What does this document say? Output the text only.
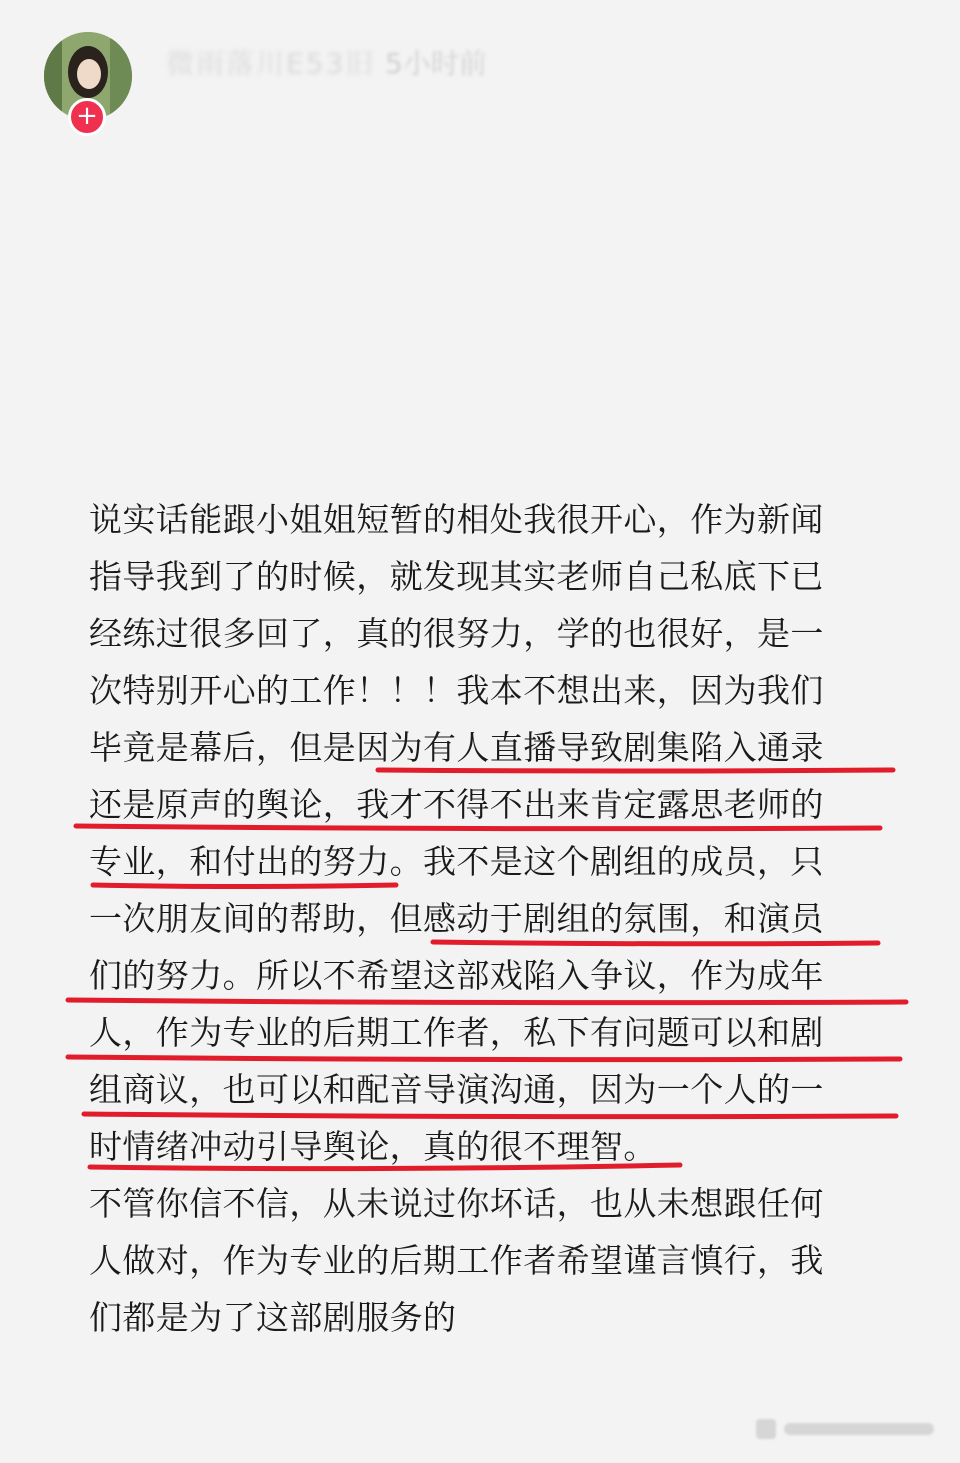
+
微雨落川E53旧 5小时前
说实话能跟小姐姐短暂的相处我很开心，作为新闻
指导我到了的时候，就发现其实老师自己私底下已
经练过很多回了，真的很努力，学的也很好，是一
次特别开心的工作！！！我本不想出来，因为我们
毕竟是幕后，但是因为有人直播导致剧集陷入通录
还是原声的舆论，我才不得不出来肯定露思老师的
专业，和付出的努力。我不是这个剧组的成员，只
一次朋友间的帮助，但感动于剧组的氛围，和演员
们的努力。所以不希望这部戏陷入争议，作为成年
人，作为专业的后期工作者，私下有问题可以和剧
组商议，也可以和配音导演沟通，因为一个人的一
时情绪冲动引导舆论，真的很不理智。
不管你信不信，从未说过你坏话，也从未想跟任何
人做对，作为专业的后期工作者希望谨言慎行，我
们都是为了这部剧服务的
